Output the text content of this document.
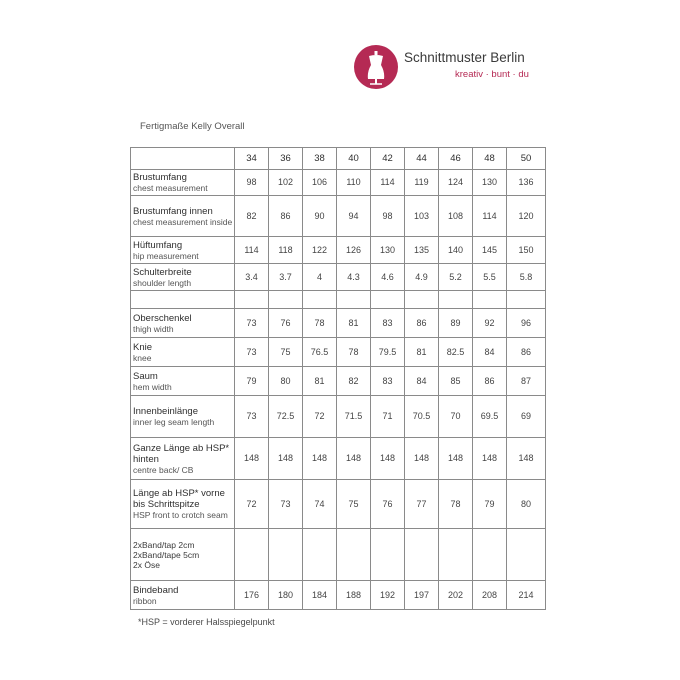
Schnittmuster Berlin
kreativ · bunt · du
Fertigmaße Kelly Overall
	34	36	38	40	42	44	46	48	50

Brustumfang
chest measurement	98	102	106	110	114	119	124	130	136

Brustumfang innen
chest measurement inside	82	86	90	94	98	103	108	114	120

Hüftumfang
hip measurement	114	118	122	126	130	135	140	145	150

Schulterbreite
shoulder length	3.4	3.7	4	4.3	4.6	4.9	5.2	5.5	5.8

Oberschenkel
thigh width	73	76	78	81	83	86	89	92	96

Knie
knee	73	75	76.5	78	79.5	81	82.5	84	86

Saum
hem width	79	80	81	82	83	84	85	86	87

Innenbeinlänge
inner leg seam length	73	72.5	72	71.5	71	70.5	70	69.5	69

Ganze Länge ab HSP* hinten
centre back/ CB	148	148	148	148	148	148	148	148	148

Länge ab HSP* vorne bis Schrittspitze
HSP front to crotch seam	72	73	74	75	76	77	78	79	80

2xBand/tap 2cm
2xBand/tape 5cm
2x Öse									

Bindeband
ribbon	176	180	184	188	192	197	202	208	214
*HSP = vorderer Halsspiegelpunkt
